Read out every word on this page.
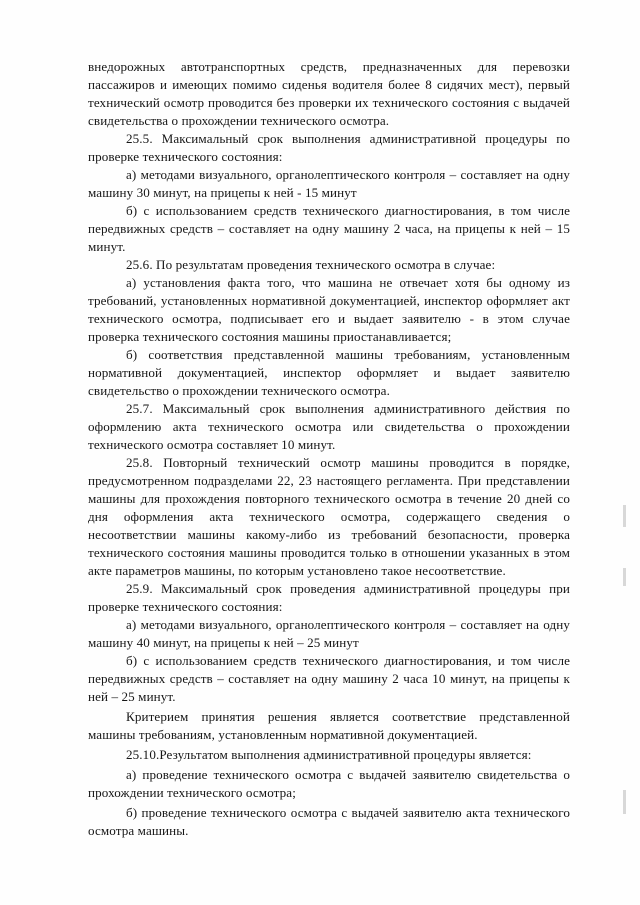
внедорожных автотранспортных средств, предназначенных для перевозки пассажиров и имеющих помимо сиденья водителя более 8 сидячих мест), первый технический осмотр проводится без проверки их технического состояния с выдачей свидетельства о прохождении технического осмотра.

25.5. Максимальный срок выполнения административной процедуры по проверке технического состояния:

а) методами визуального, органолептического контроля – составляет на одну машину 30 минут, на прицепы к ней - 15 минут

б) с использованием средств технического диагностирования, в том числе передвижных средств – составляет на одну машину 2 часа, на прицепы к ней – 15 минут.

25.6. По результатам проведения технического осмотра в случае:

а) установления факта того, что машина не отвечает хотя бы одному из требований, установленных нормативной документацией, инспектор оформляет акт технического осмотра, подписывает его и выдает заявителю - в этом случае проверка технического состояния машины приостанавливается;

б) соответствия представленной машины требованиям, установленным нормативной документацией, инспектор оформляет и выдает заявителю свидетельство о прохождении технического осмотра.

25.7. Максимальный срок выполнения административного действия по оформлению акта технического осмотра или свидетельства о прохождении технического осмотра составляет 10 минут.

25.8. Повторный технический осмотр машины проводится в порядке, предусмотренном подразделами 22, 23 настоящего регламента. При представлении машины для прохождения повторного технического осмотра в течение 20 дней со дня оформления акта технического осмотра, содержащего сведения о несоответствии машины какому-либо из требований безопасности, проверка технического состояния машины проводится только в отношении указанных в этом акте параметров машины, по которым установлено такое несоответствие.

25.9. Максимальный срок проведения административной процедуры при проверке технического состояния:

а) методами визуального, органолептического контроля – составляет на одну машину 40 минут, на прицепы к ней – 25 минут

б) с использованием средств технического диагностирования, и том числе передвижных средств – составляет на одну машину 2 часа 10 минут, на прицепы к ней – 25 минут.

Критерием принятия решения является соответствие представленной машины требованиям, установленным нормативной документацией.

25.10.Результатом выполнения административной процедуры является:

а) проведение технического осмотра с выдачей заявителю свидетельства о прохождении технического осмотра;

б) проведение технического осмотра с выдачей заявителю акта технического осмотра машины.
